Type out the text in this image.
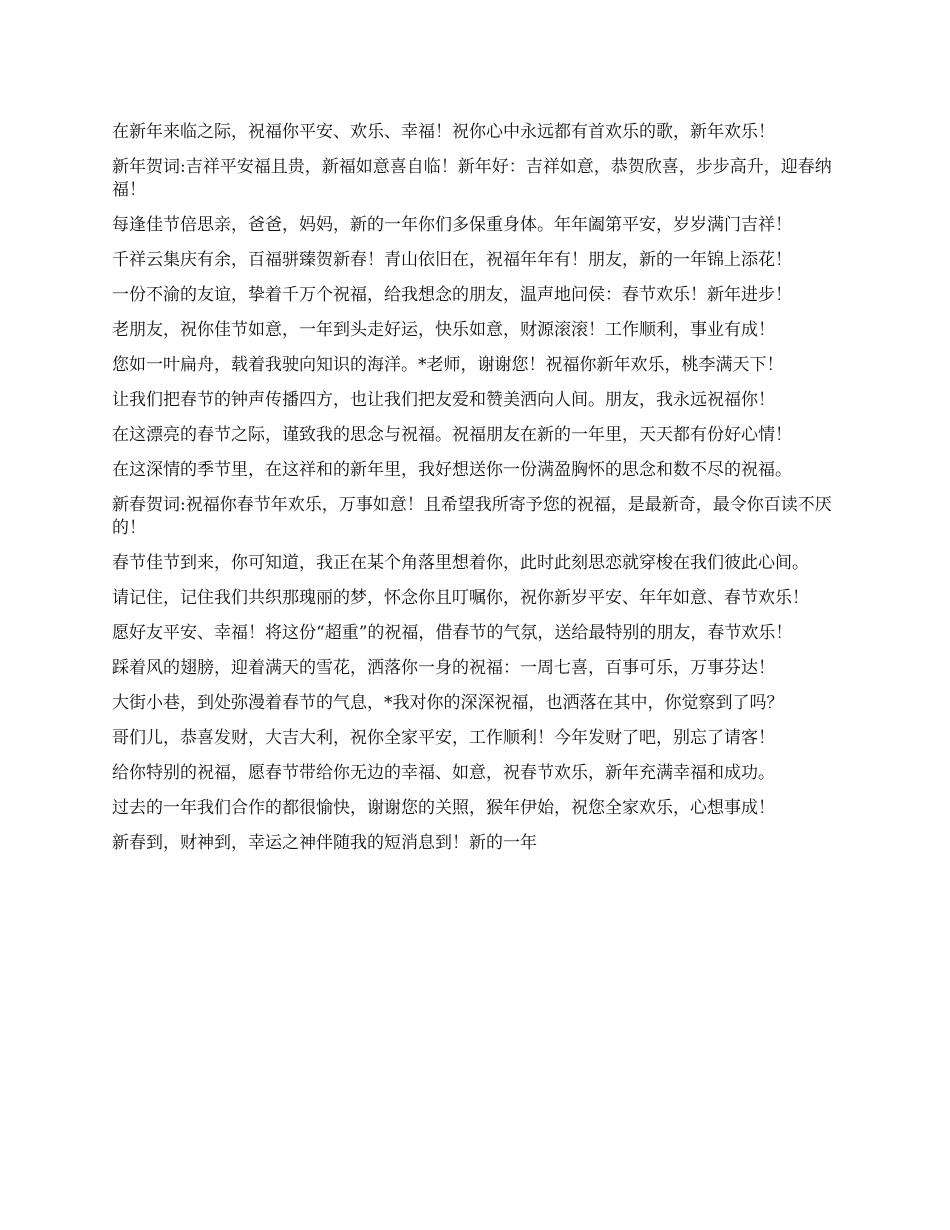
在新年来临之际，祝福你平安、欢乐、幸福！祝你心中永远都有首欢乐的歌，新年欢乐！

新年贺词:吉祥平安福且贵，新福如意喜自临！新年好：吉祥如意，恭贺欣喜，步步高升，迎春纳福！

每逢佳节倍思亲，爸爸，妈妈，新的一年你们多保重身体。年年阖第平安，岁岁满门吉祥！

千祥云集庆有余，百福骈臻贺新春！青山依旧在，祝福年年有！朋友，新的一年锦上添花！

一份不渝的友谊，挚着千万个祝福，给我想念的朋友，温声地问侯：春节欢乐！新年进步！

老朋友，祝你佳节如意，一年到头走好运，快乐如意，财源滚滚！工作顺利，事业有成！

您如一叶扁舟，载着我驶向知识的海洋。*老师，谢谢您！祝福你新年欢乐，桃李满天下！

让我们把春节的钟声传播四方，也让我们把友爱和赞美洒向人间。朋友，我永远祝福你！

在这漂亮的春节之际，谨致我的思念与祝福。祝福朋友在新的一年里，天天都有份好心情！

在这深情的季节里，在这祥和的新年里，我好想送你一份满盈胸怀的思念和数不尽的祝福。

新春贺词:祝福你春节年欢乐，万事如意！且希望我所寄予您的祝福，是最新奇，最令你百读不厌的！

春节佳节到来，你可知道，我正在某个角落里想着你，此时此刻思恋就穿梭在我们彼此心间。

请记住，记住我们共织那瑰丽的梦，怀念你且叮嘱你，祝你新岁平安、年年如意、春节欢乐！

愿好友平安、幸福！将这份“超重”的祝福，借春节的气氛，送给最特别的朋友，春节欢乐！

踩着风的翅膀，迎着满天的雪花，洒落你一身的祝福：一周七喜，百事可乐，万事芬达！

大街小巷，到处弥漫着春节的气息，*我对你的深深祝福，也洒落在其中，你觉察到了吗？

哥们儿，恭喜发财，大吉大利，祝你全家平安，工作顺利！今年发财了吧，别忘了请客！

给你特别的祝福，愿春节带给你无边的幸福、如意，祝春节欢乐，新年充满幸福和成功。

过去的一年我们合作的都很愉快，谢谢您的关照，猴年伊始，祝您全家欢乐，心想事成！

新春到，财神到，幸运之神伴随我的短消息到！新的一年
